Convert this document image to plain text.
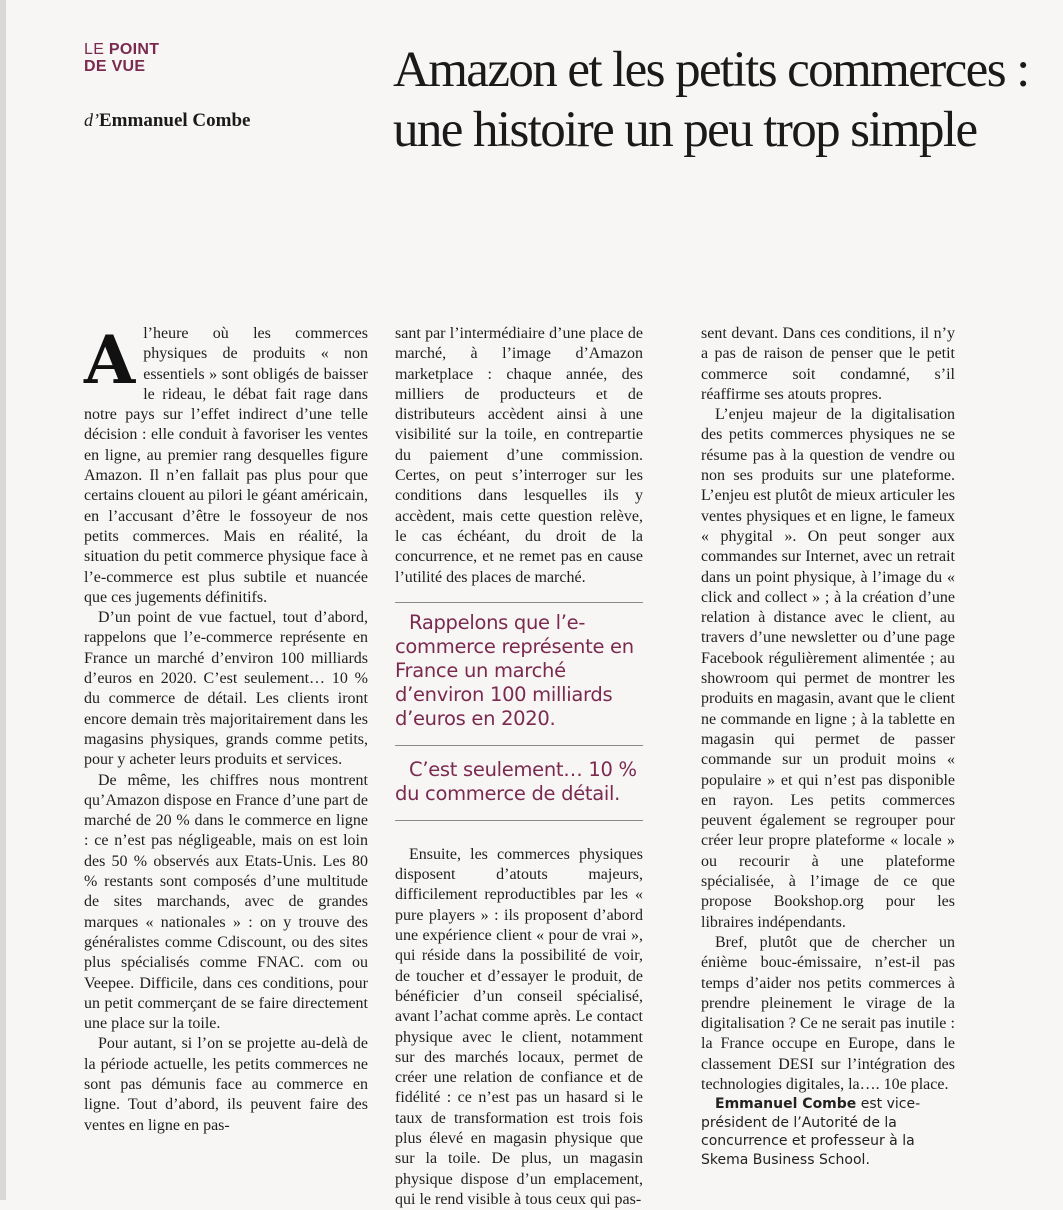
LE POINT
DE VUE
d’Emmanuel Combe
Amazon et les petits commerces : une histoire un peu trop simple

Al’heure où les commerces physiques de produits « non essentiels » sont obligés de baisser le rideau, le débat fait rage dans notre pays sur l’effet indirect d’une telle décision : elle conduit à favoriser les ventes en ligne, au premier rang desquelles figure Amazon. Il n’en fallait pas plus pour que certains clouent au pilori le géant américain, en l’accusant d’être le fossoyeur de nos petits commerces. Mais en réalité, la situation du petit commerce physique face à l’e-commerce est plus subtile et nuancée que ces jugements définitifs.

D’un point de vue factuel, tout d’abord, rappelons que l’e-commerce représente en France un marché d’environ 100 milliards d’euros en 2020. C’est seulement… 10 % du commerce de détail. Les clients iront encore demain très majoritairement dans les magasins physiques, grands comme petits, pour y acheter leurs produits et services.

De même, les chiffres nous montrent qu’Amazon dispose en France d’une part de marché de 20 % dans le commerce en ligne : ce n’est pas négligeable, mais on est loin des 50 % observés aux Etats-Unis. Les 80 % restants sont composés d’une multitude de sites marchands, avec de grandes marques « nationales » : on y trouve des généralistes comme Cdiscount, ou des sites plus spécialisés comme FNAC. com ou Veepee. Difficile, dans ces conditions, pour un petit commerçant de se faire directement une place sur la toile.

Pour autant, si l’on se projette au-delà de la période actuelle, les petits commerces ne sont pas démunis face au commerce en ligne. Tout d’abord, ils peuvent faire des ventes en ligne en pas-

sant par l’intermédiaire d’une place de marché, à l’image d’Amazon marketplace : chaque année, des milliers de producteurs et de distributeurs accèdent ainsi à une visibilité sur la toile, en contrepartie du paiement d’une commission. Certes, on peut s’interroger sur les conditions dans lesquelles ils y accèdent, mais cette question relève, le cas échéant, du droit de la concurrence, et ne remet pas en cause l’utilité des places de marché.

Rappelons que l’e-commerce représente en France un marché d’environ 100 milliards d’euros en 2020.

C’est seulement… 10 % du commerce de détail.

Ensuite, les commerces physiques disposent d’atouts majeurs, difficilement reproductibles par les « pure players » : ils proposent d’abord une expérience client « pour de vrai », qui réside dans la possibilité de voir, de toucher et d’essayer le produit, de bénéficier d’un conseil spécialisé, avant l’achat comme après. Le contact physique avec le client, notamment sur des marchés locaux, permet de créer une relation de confiance et de fidélité : ce n’est pas un hasard si le taux de transformation est trois fois plus élevé en magasin physique que sur la toile. De plus, un magasin physique dispose d’un emplacement, qui le rend visible à tous ceux qui pas-

sent devant. Dans ces conditions, il n’y a pas de raison de penser que le petit commerce soit condamné, s’il réaffirme ses atouts propres.

L’enjeu majeur de la digitalisation des petits commerces physiques ne se résume pas à la question de vendre ou non ses produits sur une plateforme. L’enjeu est plutôt de mieux articuler les ventes physiques et en ligne, le fameux « phygital ». On peut songer aux commandes sur Internet, avec un retrait dans un point physique, à l’image du « click and collect » ; à la création d’une relation à distance avec le client, au travers d’une newsletter ou d’une page Facebook régulièrement alimentée ; au showroom qui permet de montrer les produits en magasin, avant que le client ne commande en ligne ; à la tablette en magasin qui permet de passer commande sur un produit moins « populaire » et qui n’est pas disponible en rayon. Les petits commerces peuvent également se regrouper pour créer leur propre plateforme « locale » ou recourir à une plateforme spécialisée, à l’image de ce que propose Bookshop.org pour les libraires indépendants.

Bref, plutôt que de chercher un énième bouc-émissaire, n’est-il pas temps d’aider nos petits commerces à prendre pleinement le virage de la digitalisation ? Ce ne serait pas inutile : la France occupe en Europe, dans le classement DESI sur l’intégration des technologies digitales, la…. 10e place.

Emmanuel Combe est vice-président de l’Autorité de la concurrence et professeur à la Skema Business School.
